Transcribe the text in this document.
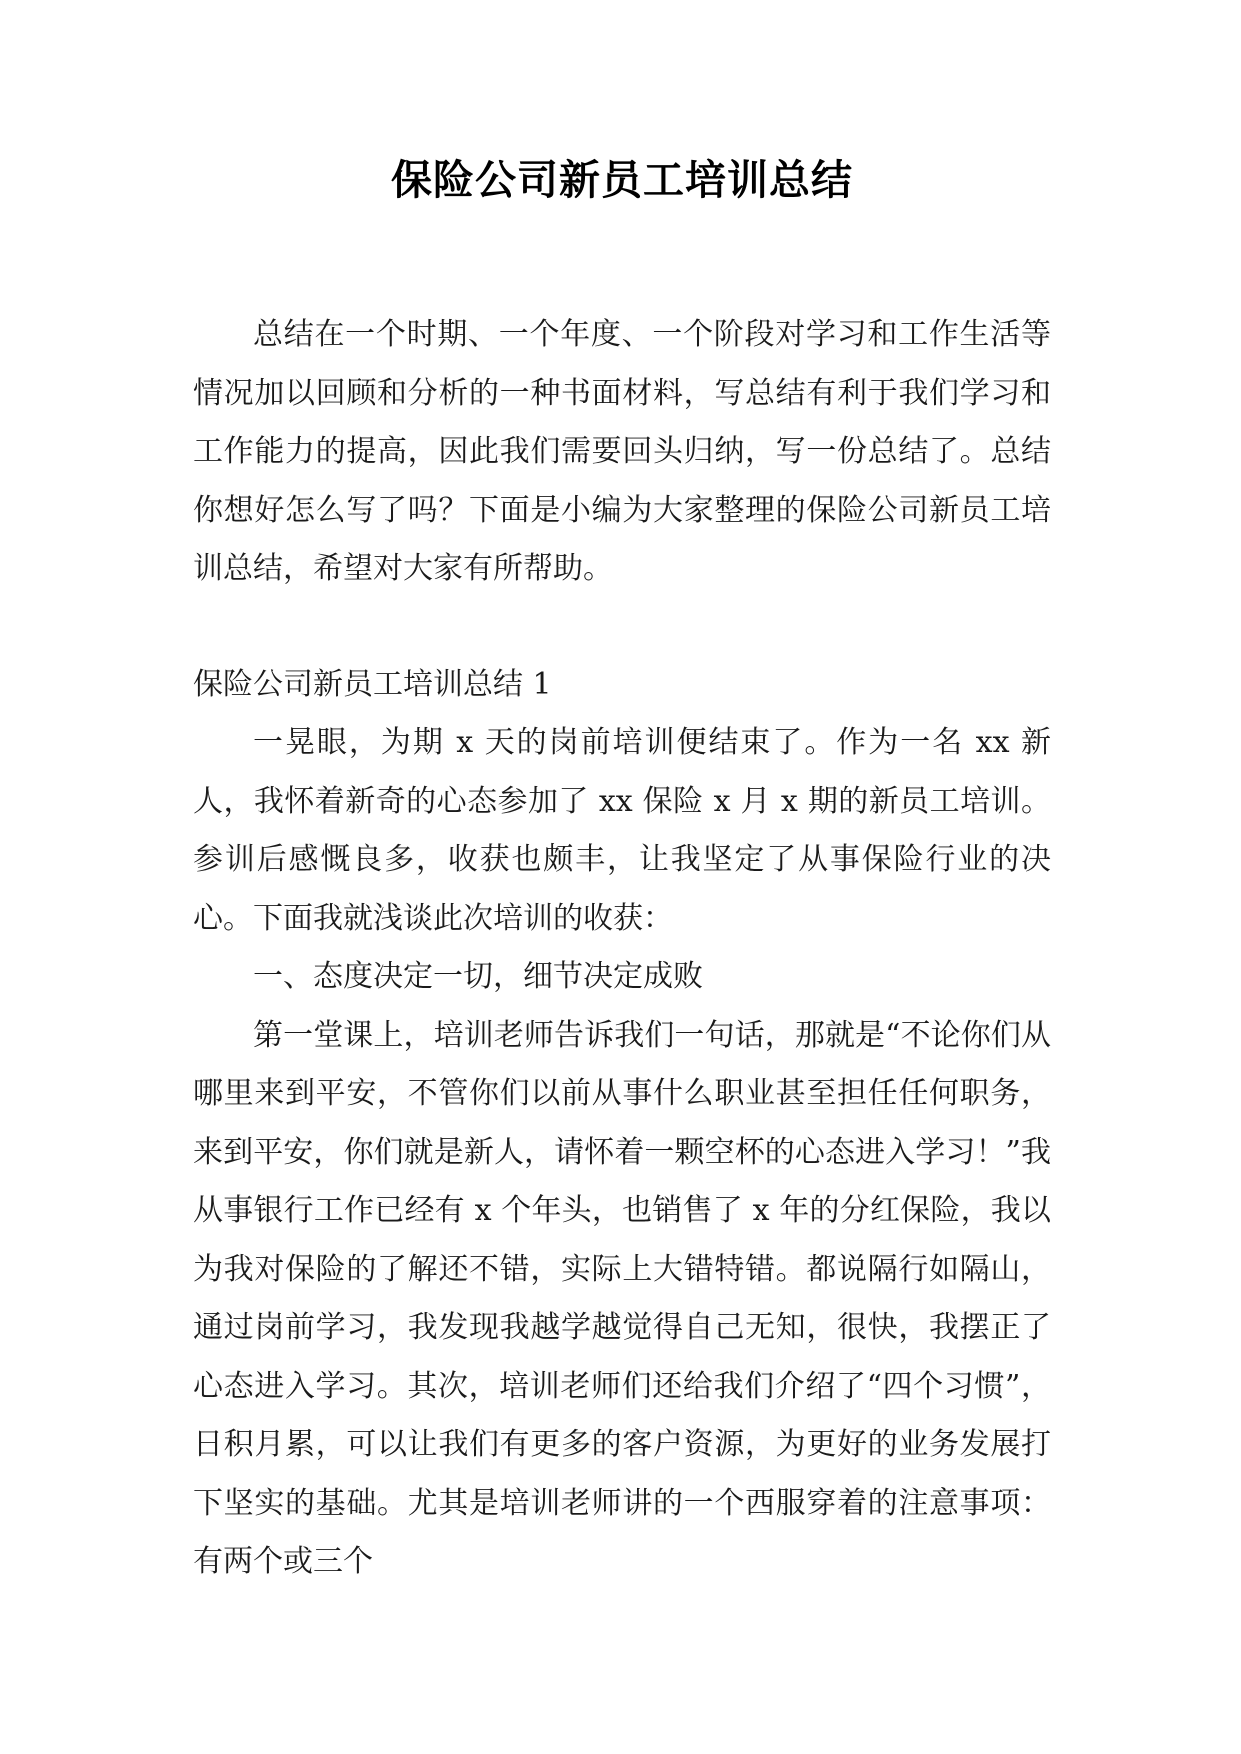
保险公司新员工培训总结

总结在一个时期、一个年度、一个阶段对学习和工作生活等情况加以回顾和分析的一种书面材料，写总结有利于我们学习和工作能力的提高，因此我们需要回头归纳，写一份总结了。总结你想好怎么写了吗？下面是小编为大家整理的保险公司新员工培训总结，希望对大家有所帮助。

保险公司新员工培训总结 1

一晃眼，为期 x 天的岗前培训便结束了。作为一名 xx 新人，我怀着新奇的心态参加了 xx 保险 x 月 x 期的新员工培训。参训后感慨良多，收获也颇丰，让我坚定了从事保险行业的决心。下面我就浅谈此次培训的收获：

一、态度决定一切，细节决定成败

第一堂课上，培训老师告诉我们一句话，那就是“不论你们从哪里来到平安，不管你们以前从事什么职业甚至担任任何职务，来到平安，你们就是新人，请怀着一颗空杯的心态进入学习！”我从事银行工作已经有 x 个年头，也销售了 x 年的分红保险，我以为我对保险的了解还不错，实际上大错特错。都说隔行如隔山，通过岗前学习，我发现我越学越觉得自己无知，很快，我摆正了心态进入学习。其次，培训老师们还给我们介绍了“四个习惯”，日积月累，可以让我们有更多的客户资源，为更好的业务发展打下坚实的基础。尤其是培训老师讲的一个西服穿着的注意事项：有两个或三个
